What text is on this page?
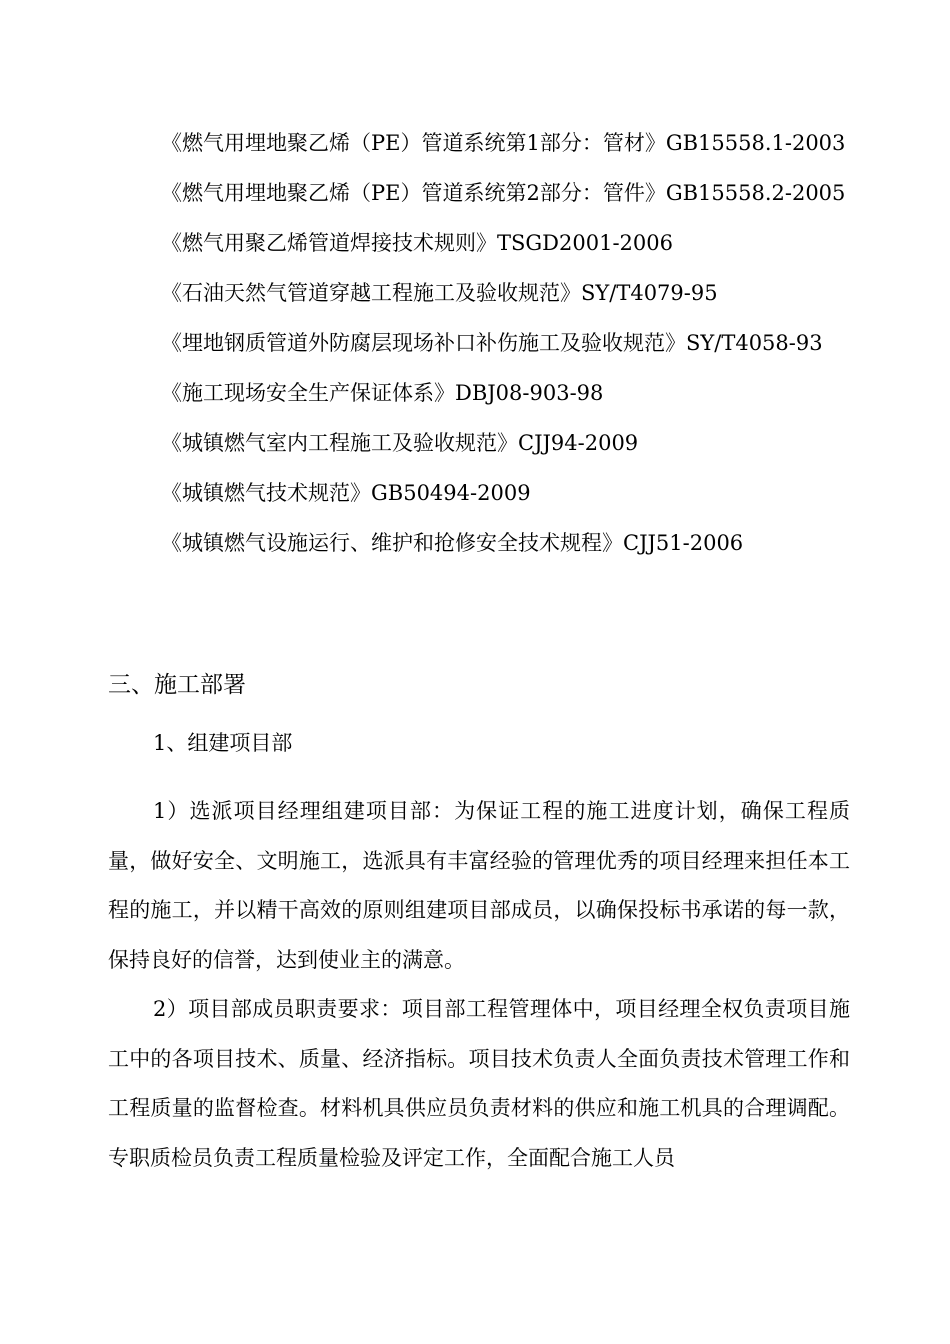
《燃气用埋地聚乙烯（PE）管道系统第1部分：管材》GB15558.1-2003
《燃气用埋地聚乙烯（PE）管道系统第2部分：管件》GB15558.2-2005
《燃气用聚乙烯管道焊接技术规则》TSGD2001-2006
《石油天然气管道穿越工程施工及验收规范》SY/T4079-95
《埋地钢质管道外防腐层现场补口补伤施工及验收规范》SY/T4058-93
《施工现场安全生产保证体系》DBJ08-903-98
《城镇燃气室内工程施工及验收规范》CJJ94-2009
《城镇燃气技术规范》GB50494-2009
《城镇燃气设施运行、维护和抢修安全技术规程》CJJ51-2006
三、施工部署
1、组建项目部

1）选派项目经理组建项目部：为保证工程的施工进度计划，确保工程质量，做好安全、文明施工，选派具有丰富经验的管理优秀的项目经理来担任本工程的施工，并以精干高效的原则组建项目部成员，以确保投标书承诺的每一款，保持良好的信誉，达到使业主的满意。

2）项目部成员职责要求：项目部工程管理体中，项目经理全权负责项目施工中的各项目技术、质量、经济指标。项目技术负责人全面负责技术管理工作和工程质量的监督检查。材料机具供应员负责材料的供应和施工机具的合理调配。专职质检员负责工程质量检验及评定工作，全面配合施工人员
